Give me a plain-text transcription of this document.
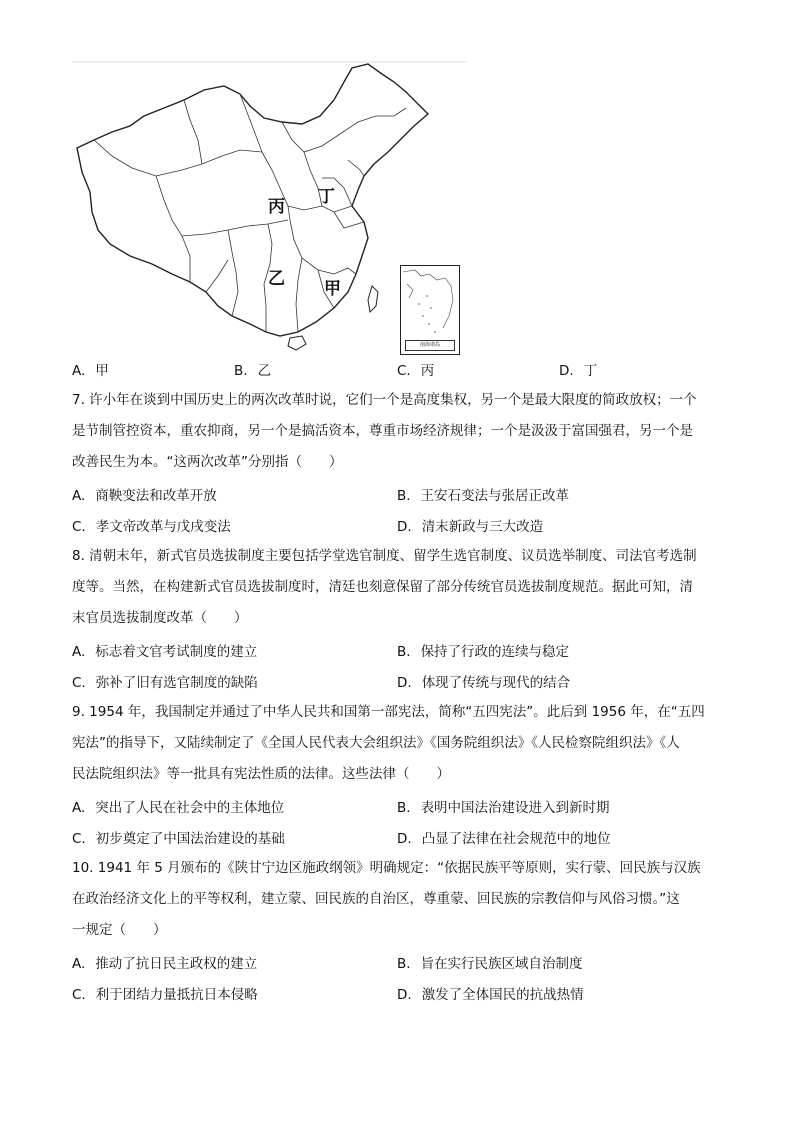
丙 丁
乙 甲
南海诸岛
A. 甲	B. 乙	C. 丙	D. 丁
7. 许小年在谈到中国历史上的两次改革时说，它们一个是高度集权，另一个是最大限度的简政放权；一个
是节制管控资本，重农抑商，另一个是搞活资本，尊重市场经济规律；一个是汲汲于富国强君，另一个是
改善民生为本。“这两次改革”分别指（　　）
A. 商鞅变法和改革开放	B. 王安石变法与张居正改革
C. 孝文帝改革与戊戌变法	D. 清末新政与三大改造
8. 清朝末年，新式官员选拔制度主要包括学堂选官制度、留学生选官制度、议员选举制度、司法官考选制
度等。当然，在构建新式官员选拔制度时，清廷也刻意保留了部分传统官员选拔制度规范。据此可知，清
末官员选拔制度改革（　　）
A. 标志着文官考试制度的建立	B. 保持了行政的连续与稳定
C. 弥补了旧有选官制度的缺陷	D. 体现了传统与现代的结合
9. 1954 年，我国制定并通过了中华人民共和国第一部宪法，简称“五四宪法”。此后到 1956 年，在“五四
宪法”的指导下，又陆续制定了《全国人民代表大会组织法》《国务院组织法》《人民检察院组织法》《人
民法院组织法》等一批具有宪法性质的法律。这些法律（　　）
A. 突出了人民在社会中的主体地位	B. 表明中国法治建设进入到新时期
C. 初步奠定了中国法治建设的基础	D. 凸显了法律在社会规范中的地位
10. 1941 年 5 月颁布的《陕甘宁边区施政纲领》明确规定：“依据民族平等原则，实行蒙、回民族与汉族
在政治经济文化上的平等权利，建立蒙、回民族的自治区，尊重蒙、回民族的宗教信仰与风俗习惯。”这
一规定（　　）
A. 推动了抗日民主政权的建立	B. 旨在实行民族区域自治制度
C. 利于团结力量抵抗日本侵略	D. 激发了全体国民的抗战热情
